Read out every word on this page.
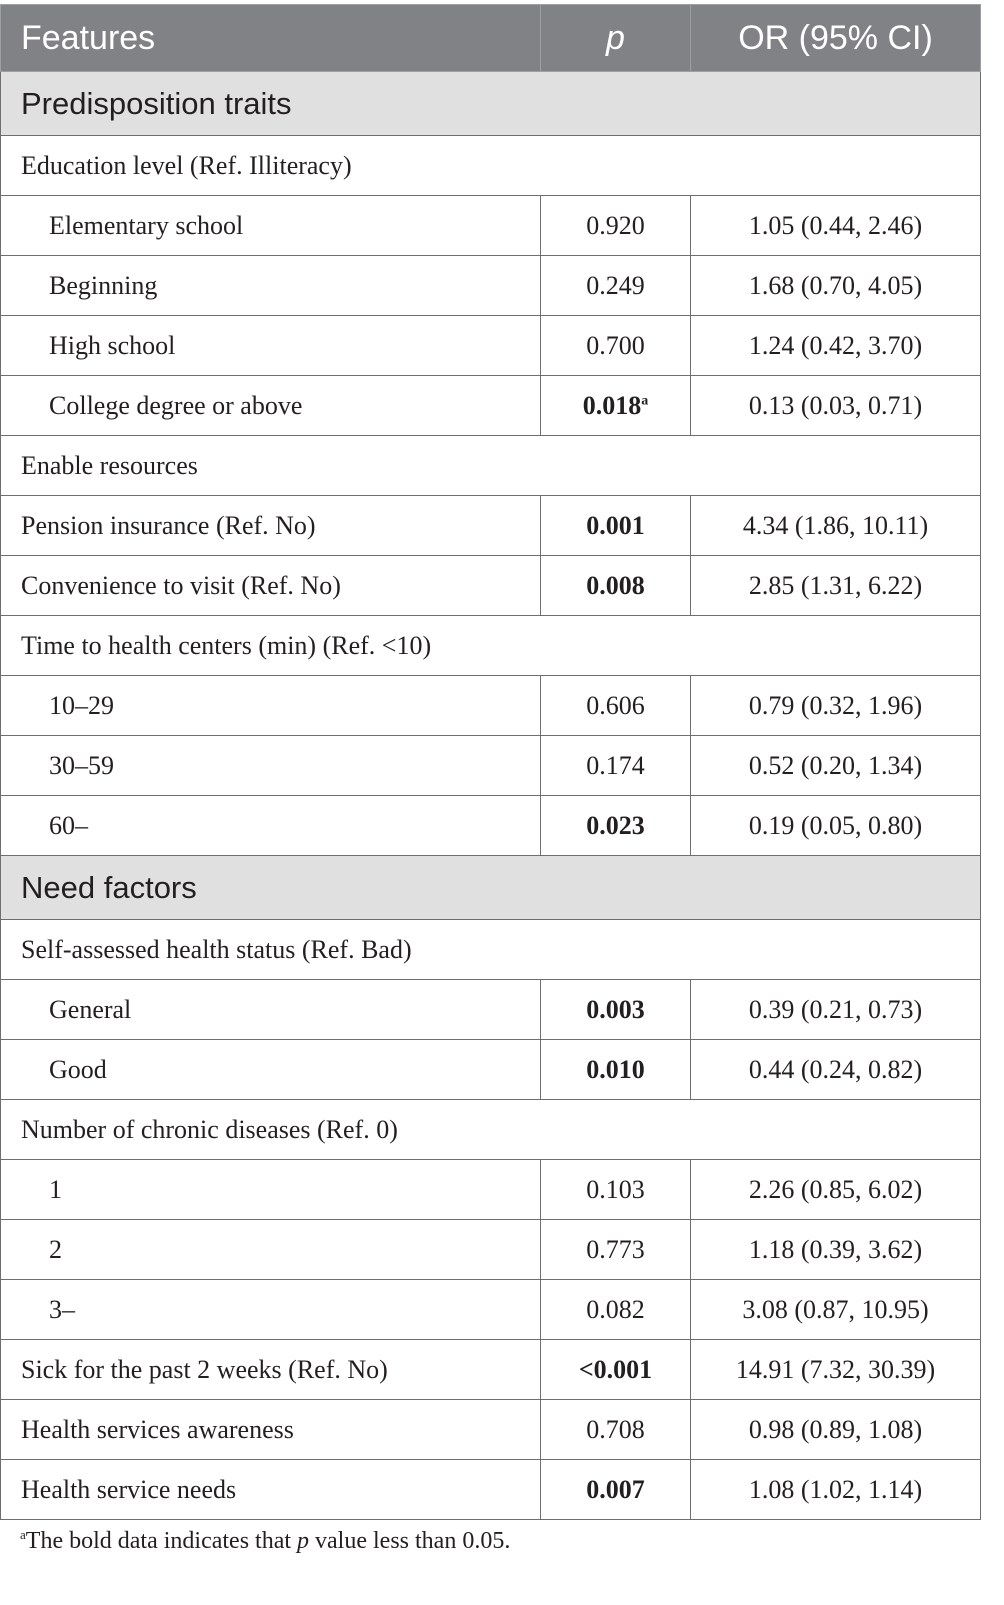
Features	p	OR (95% CI)
Predisposition traits		
Education level (Ref. Illiteracy)		
Elementary school	0.920	1.05 (0.44, 2.46)
Beginning	0.249	1.68 (0.70, 4.05)
High school	0.700	1.24 (0.42, 3.70)
College degree or above	0.018$^a$	0.13 (0.03, 0.71)
Enable resources		
Pension insurance (Ref. No)	0.001	4.34 (1.86, 10.11)
Convenience to visit (Ref. No)	0.008	2.85 (1.31, 6.22)
Time to health centers (min) (Ref. <10)		
10–29	0.606	0.79 (0.32, 1.96)
30–59	0.174	0.52 (0.20, 1.34)
60–	0.023	0.19 (0.05, 0.80)
Need factors		
Self-assessed health status (Ref. Bad)		
General	0.003	0.39 (0.21, 0.73)
Good	0.010	0.44 (0.24, 0.82)
Number of chronic diseases (Ref. 0)		
1	0.103	2.26 (0.85, 6.02)
2	0.773	1.18 (0.39, 3.62)
3–	0.082	3.08 (0.87, 10.95)
Sick for the past 2 weeks (Ref. No)	<0.001	14.91 (7.32, 30.39)
Health services awareness	0.708	0.98 (0.89, 1.08)
Health service needs	0.007	1.08 (1.02, 1.14)
$^a$The bold data indicates that p value less than 0.05.
